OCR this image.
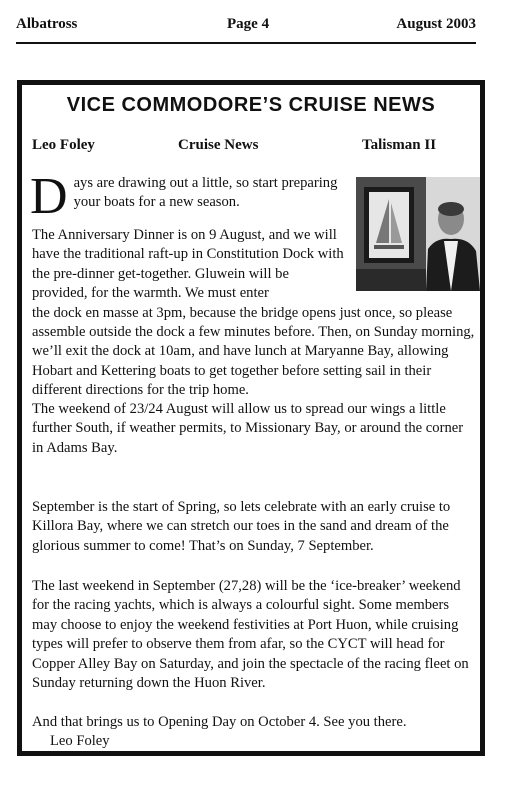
Albatross	Page 4	August 2003
VICE COMMODORE’S CRUISE NEWS
Leo Foley	Cruise News	Talisman II
D ays are drawing out a little, so start preparing your boats for a new season.
The Anniversary Dinner is on 9 August, and we will have the traditional raft-up in Constitution Dock with the pre-dinner get-together. Gluwein will be provided, for the warmth. We must enter
the dock en masse at 3pm, because the bridge opens just once, so please assemble outside the dock a few minutes before. Then, on Sunday morning, we’ll exit the dock at 10am, and have lunch at Maryanne Bay, allowing Hobart and Kettering boats to get together before setting sail in their different directions for the trip home.

The weekend of 23/24 August will allow us to spread our wings a little further South, if weather permits, to Missionary Bay, or around the corner in Adams Bay.

September is the start of Spring, so lets celebrate with an early cruise to Killora Bay, where we can stretch our toes in the sand and dream of the glorious summer to come! That’s on Sunday, 7 September.

The last weekend in September (27,28) will be the ‘ice-breaker’ weekend for the racing yachts, which is always a colourful sight. Some members may choose to enjoy the weekend festivities at Port Huon, while cruising types will prefer to observe them from afar, so the CYCT will head for Copper Alley Bay on Saturday, and join the spectacle of the racing fleet on Sunday returning down the Huon River.

And that brings us to Opening Day on October 4. See you there.
Leo Foley
